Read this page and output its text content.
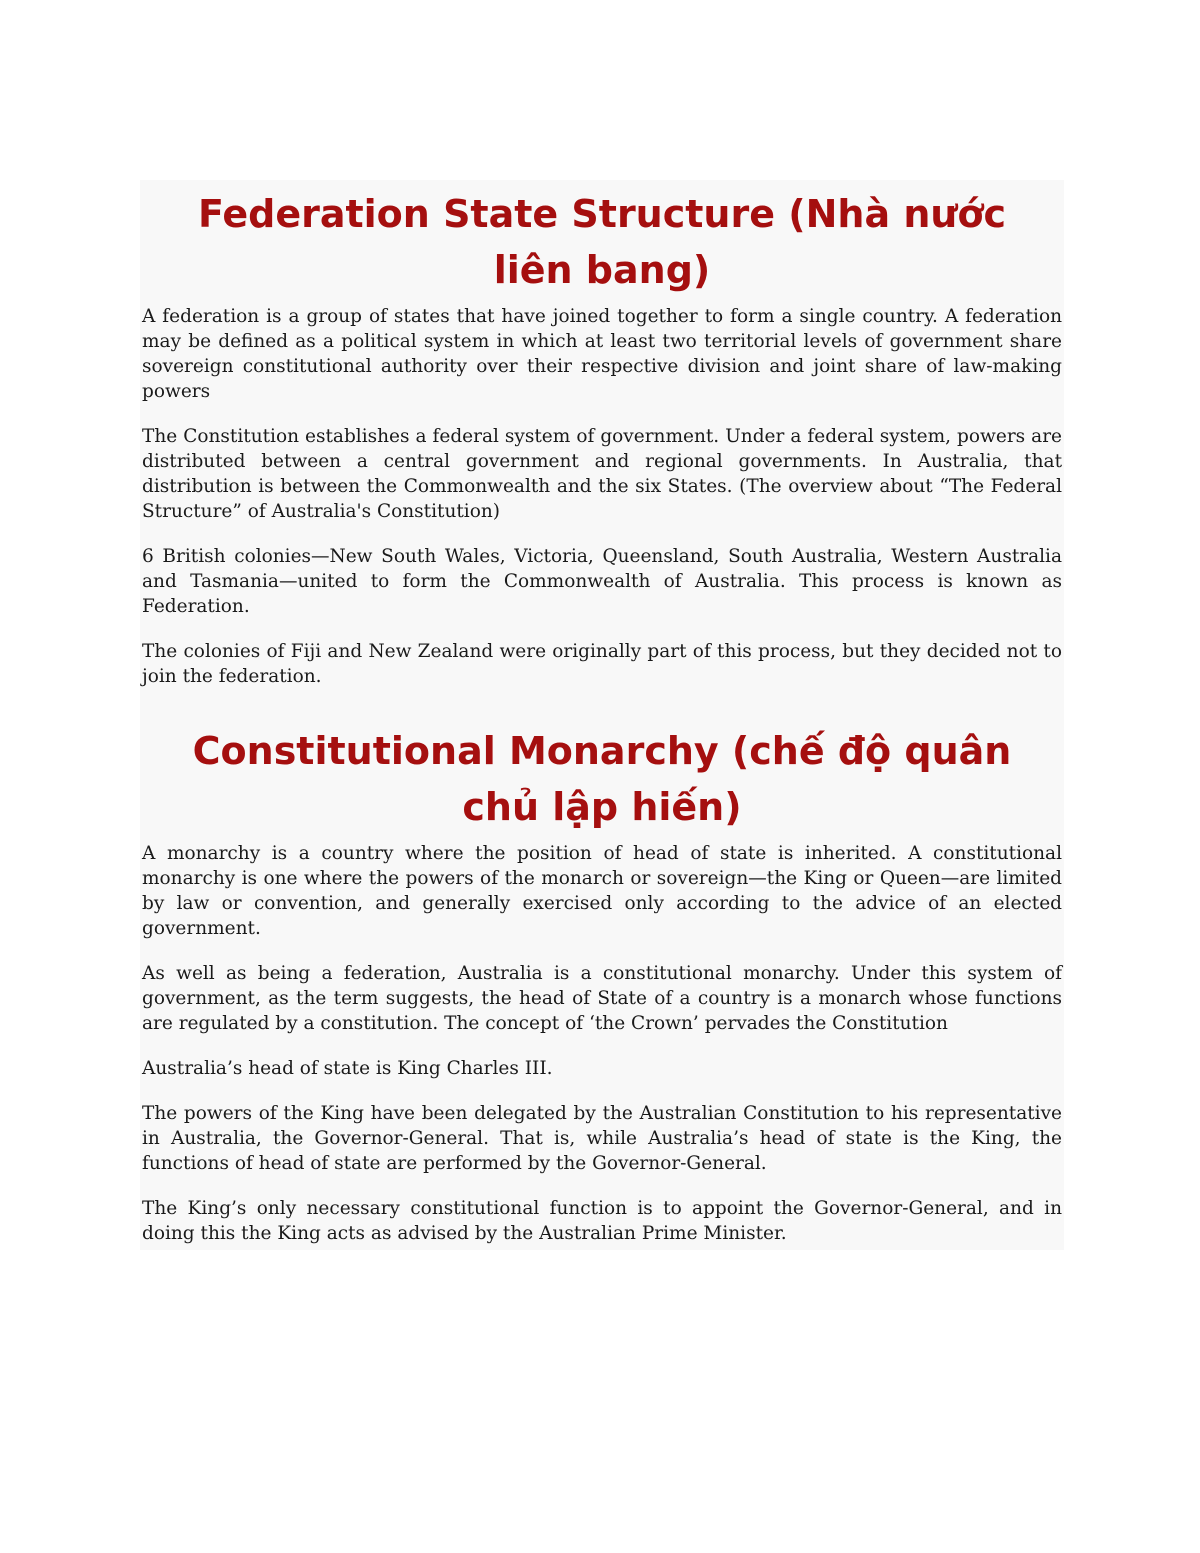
Federation State Structure (Nhà nước liên bang)

A federation is a group of states that have joined together to form a single country. A federation may be defined as a political system in which at least two territorial levels of government share sovereign constitutional authority over their respective division and joint share of law-making powers

The Constitution establishes a federal system of government. Under a federal system, powers are distributed between a central government and regional governments. In Australia, that distribution is between the Commonwealth and the six States. (The overview about “The Federal Structure” of Australia's Constitution)

6 British colonies—New South Wales, Victoria, Queensland, South Australia, Western Australia and Tasmania—united to form the Commonwealth of Australia. This process is known as Federation.

The colonies of Fiji and New Zealand were originally part of this process, but they decided not to join the federation.

Constitutional Monarchy (chế độ quân chủ lập hiến)

A monarchy is a country where the position of head of state is inherited. A constitutional monarchy is one where the powers of the monarch or sovereign—the King or Queen—are limited by law or convention, and generally exercised only according to the advice of an elected government.

As well as being a federation, Australia is a constitutional monarchy. Under this system of government, as the term suggests, the head of State of a country is a monarch whose functions are regulated by a constitution. The concept of ‘the Crown’ pervades the Constitution

Australia’s head of state is King Charles III.

The powers of the King have been delegated by the Australian Constitution to his representative in Australia, the Governor-General. That is, while Australia’s head of state is the King, the functions of head of state are performed by the Governor-General.

The King’s only necessary constitutional function is to appoint the Governor-General, and in doing this the King acts as advised by the Australian Prime Minister.
